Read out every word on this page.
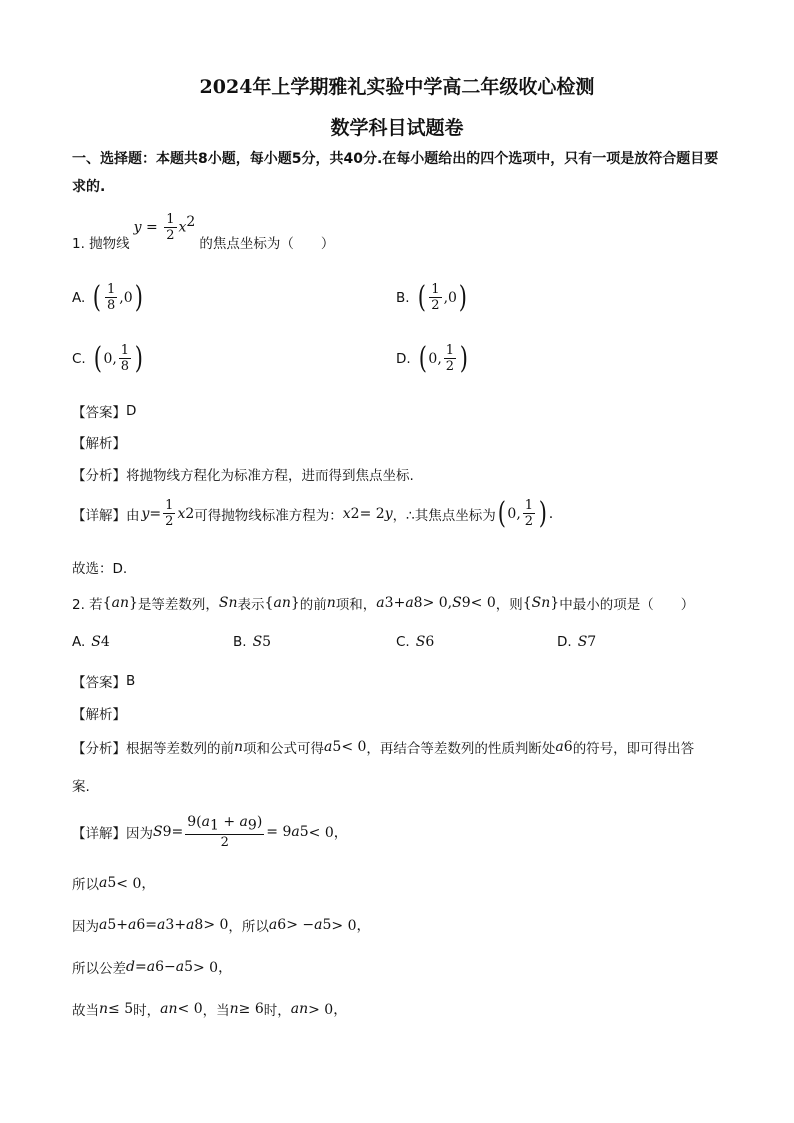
2024年上学期雅礼实验中学高二年级收心检测
数学科目试题卷
一、选择题：本题共8小题，每小题5分，共40分.在每小题给出的四个选项中，只有一项是放符合题目要求的.
1. 抛物线
$y = \frac{1}{2} x^2$
的焦点坐标为（　　）
A. ( $\frac{1}{8} ,0$ )	B. ( $\frac{1}{2} ,0$ )
C. ( 0, $\frac{1}{8}$ )	D. ( 0, $\frac{1}{2}$ )
【答案】 D
【解析】
【分析】 将抛物线方程化为标准方程，进而得到焦点坐标.
【详解】 由 $y = \frac{1}{2}$ x 2 可得抛物线标准方程为： x 2 = 2 y ，∴其焦点坐标为 ( 0, $\frac{1}{2}$ ) .
故选：D.
2. 若 { a n } 是等差数列， S n 表示 { a n } 的前 n 项和， a 3 + a 8 > 0, S 9 < 0 ，则 { S n } 中最小的项是（　　）
A. S 4	B. S 5	C. S 6	D. S 7
【答案】 B
【解析】
【分析】 根据等差数列的前 n 项和公式可得 a 5 < 0 ，再结合等差数列的性质判断处 a 6 的符号，即可得出答
案.
【详解】 因为 S $9 = \frac{9(a_1 + a_9)}{2} = 9$ a 5 < 0，
所以 a 5 < 0，
因为 a 5 + a 6 = a 3 + a 8 > 0 ，所以 a 6 > − a 5 > 0，
所以公差 d = a 6 − a 5 > 0，
故当 n ≤ 5 时， a n < 0 ，当 n ≥ 6 时， a n > 0，
